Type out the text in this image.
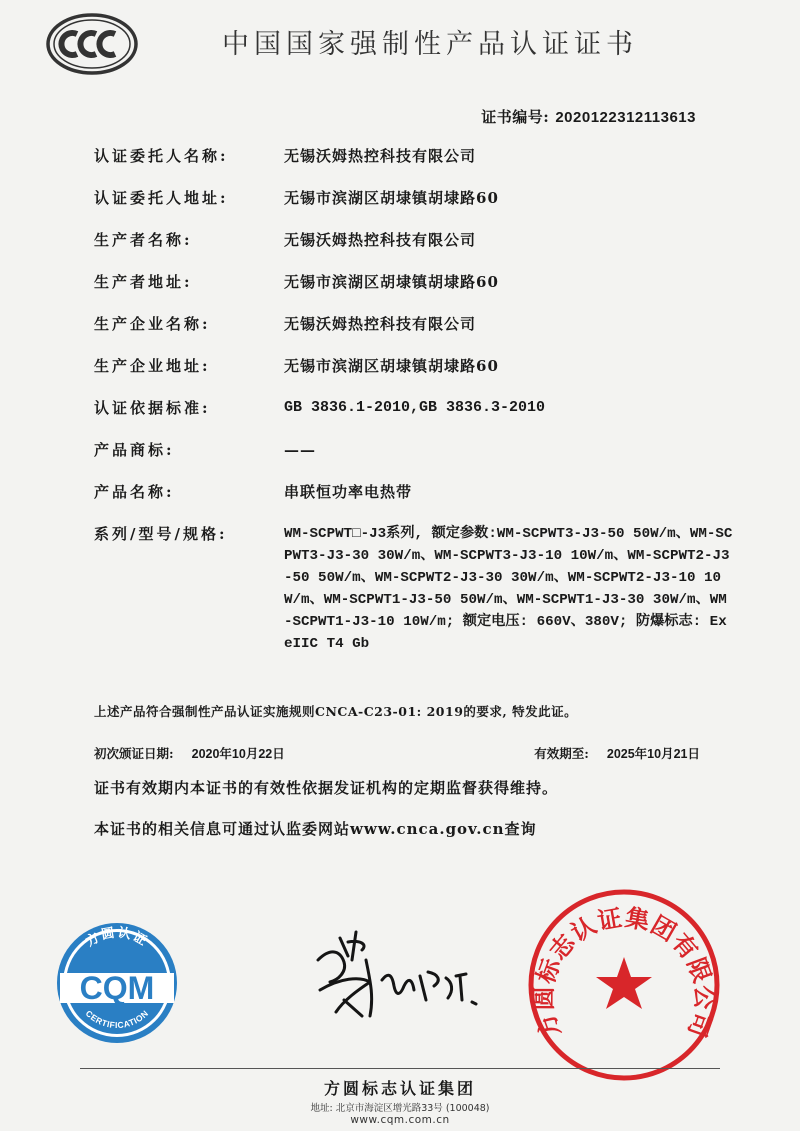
CCC
中国国家强制性产品认证证书
证书编号: 2020122312113613
认证委托人名称:	无锡沃姆热控科技有限公司
认证委托人地址:	无锡市滨湖区胡埭镇胡埭路60
生产者名称:	无锡沃姆热控科技有限公司
生产者地址:	无锡市滨湖区胡埭镇胡埭路60
生产企业名称:	无锡沃姆热控科技有限公司
生产企业地址:	无锡市滨湖区胡埭镇胡埭路60
认证依据标准:	GB 3836.1-2010,GB 3836.3-2010
产品商标:	——
产品名称:	串联恒功率电热带
系列/型号/规格:	WM-SCPWT□-J3系列, 额定参数:WM-SCPWT3-J3-50 50W/m、WM-SCPWT3-J3-30 30W/m、WM-SCPWT3-J3-10 10W/m、WM-SCPWT2-J3-50 50W/m、WM-SCPWT2-J3-30 30W/m、WM-SCPWT2-J3-10 10W/m、WM-SCPWT1-J3-50 50W/m、WM-SCPWT1-J3-30 30W/m、WM-SCPWT1-J3-10 10W/m; 额定电压: 660V、380V; 防爆标志: Ex eIIC T4 Gb
上述产品符合强制性产品认证实施规则CNCA-C23-01: 2019的要求, 特发此证。
初次颁证日期: 2020年10月22日	有效期至: 2025年10月21日
证书有效期内本证书的有效性依据发证机构的定期监督获得维持。
本证书的相关信息可通过认监委网站www.cnca.gov.cn查询
方圆认证
CQM
CERTIFICATION	方圆标志认证集团有限公司
方圆标志认证集团
地址: 北京市海淀区增光路33号 (100048)
www.cqm.com.cn
